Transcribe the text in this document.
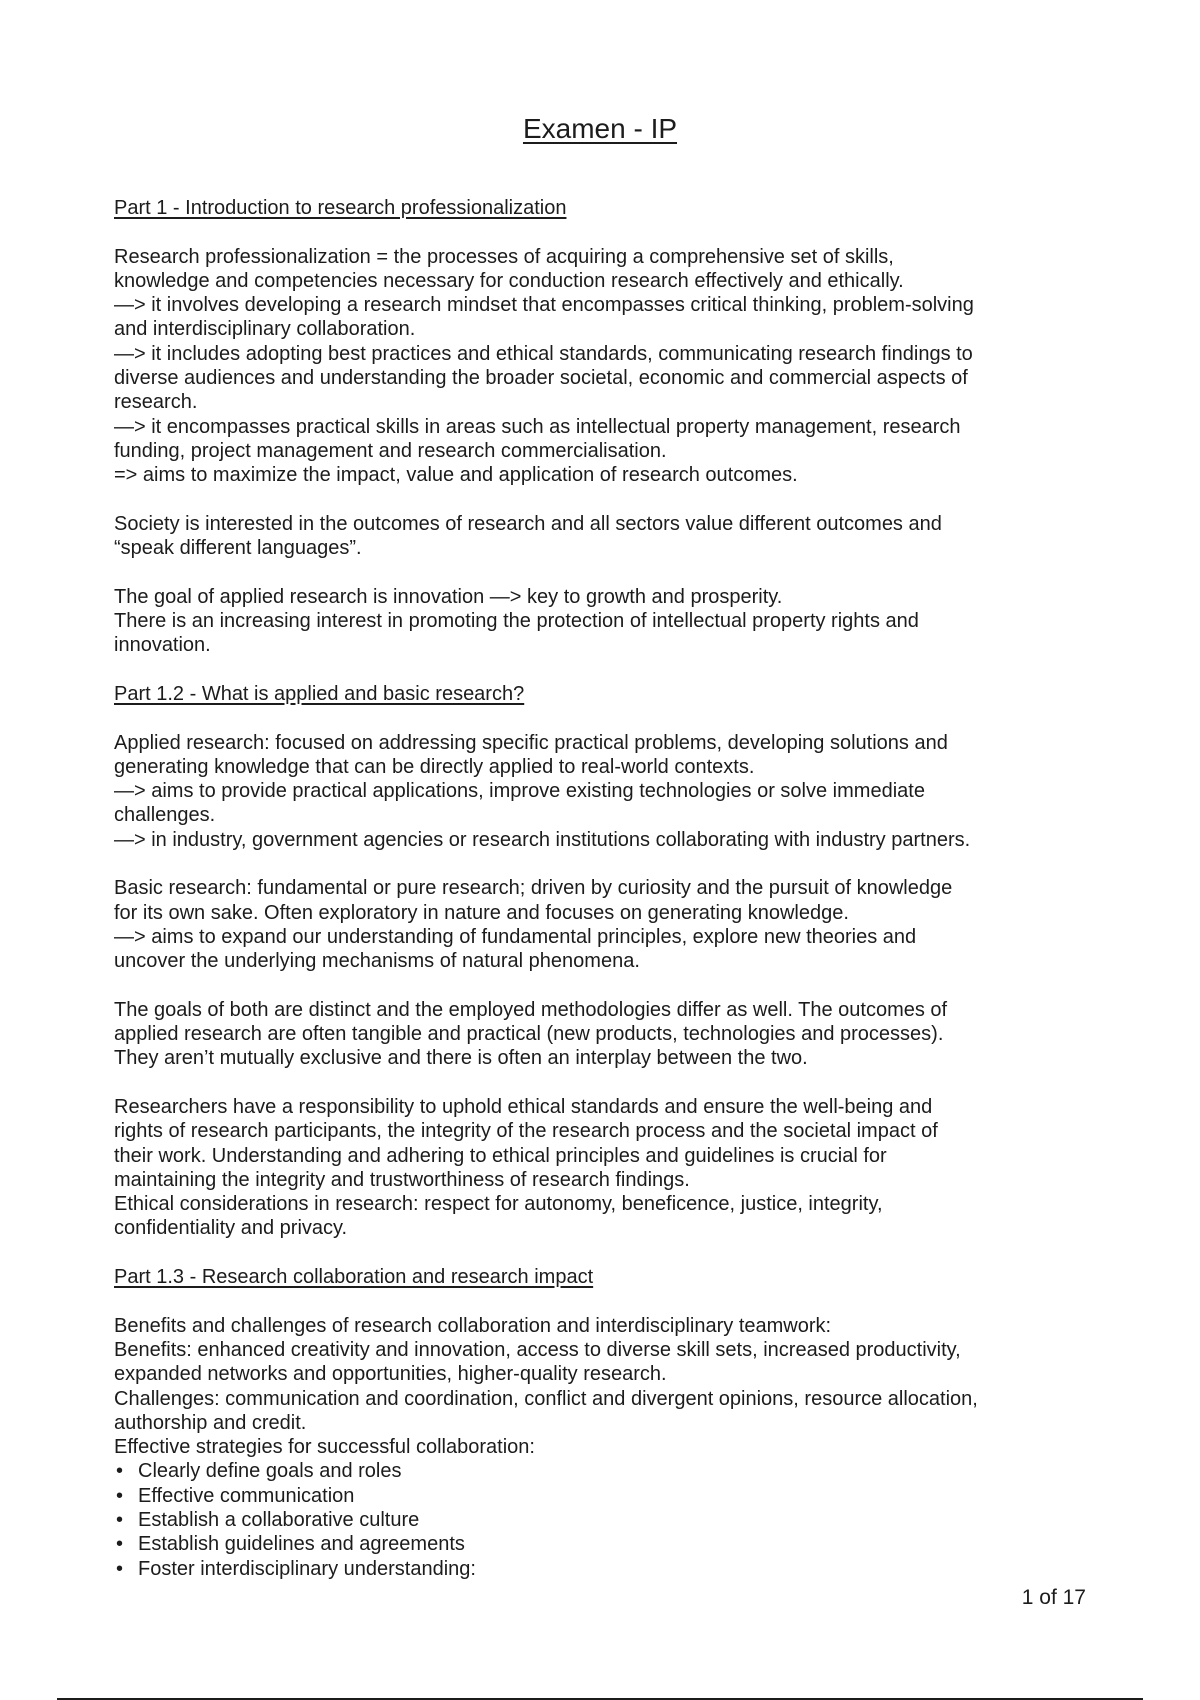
Examen - IP

Part 1 - Introduction to research professionalization

Research professionalization = the processes of acquiring a comprehensive set of skills,

knowledge and competencies necessary for conduction research effectively and ethically.

—> it involves developing a research mindset that encompasses critical thinking, problem-solving

and interdisciplinary collaboration.

—> it includes adopting best practices and ethical standards, communicating research findings to

diverse audiences and understanding the broader societal, economic and commercial aspects of

research.

—> it encompasses practical skills in areas such as intellectual property management, research

funding, project management and research commercialisation.

=> aims to maximize the impact, value and application of research outcomes.

Society is interested in the outcomes of research and all sectors value different outcomes and

“speak different languages”.

The goal of applied research is innovation —> key to growth and prosperity.

There is an increasing interest in promoting the protection of intellectual property rights and

innovation.

Part 1.2 - What is applied and basic research?

Applied research: focused on addressing specific practical problems, developing solutions and

generating knowledge that can be directly applied to real-world contexts.

—> aims to provide practical applications, improve existing technologies or solve immediate

challenges.

—> in industry, government agencies or research institutions collaborating with industry partners.

Basic research: fundamental or pure research; driven by curiosity and the pursuit of knowledge

for its own sake. Often exploratory in nature and focuses on generating knowledge.

—> aims to expand our understanding of fundamental principles, explore new theories and

uncover the underlying mechanisms of natural phenomena.

The goals of both are distinct and the employed methodologies differ as well. The outcomes of

applied research are often tangible and practical (new products, technologies and processes).

They aren’t mutually exclusive and there is often an interplay between the two.

Researchers have a responsibility to uphold ethical standards and ensure the well-being and

rights of research participants, the integrity of the research process and the societal impact of

their work. Understanding and adhering to ethical principles and guidelines is crucial for

maintaining the integrity and trustworthiness of research findings.

Ethical considerations in research: respect for autonomy, beneficence, justice, integrity,

confidentiality and privacy.

Part 1.3 - Research collaboration and research impact

Benefits and challenges of research collaboration and interdisciplinary teamwork:

Benefits: enhanced creativity and innovation, access to diverse skill sets, increased productivity,

expanded networks and opportunities, higher-quality research.

Challenges: communication and coordination, conflict and divergent opinions, resource allocation,

authorship and credit.

Effective strategies for successful collaboration:

• Clearly define goals and roles
• Effective communication
• Establish a collaborative culture
• Establish guidelines and agreements
• Foster interdisciplinary understanding:
1 of 17
